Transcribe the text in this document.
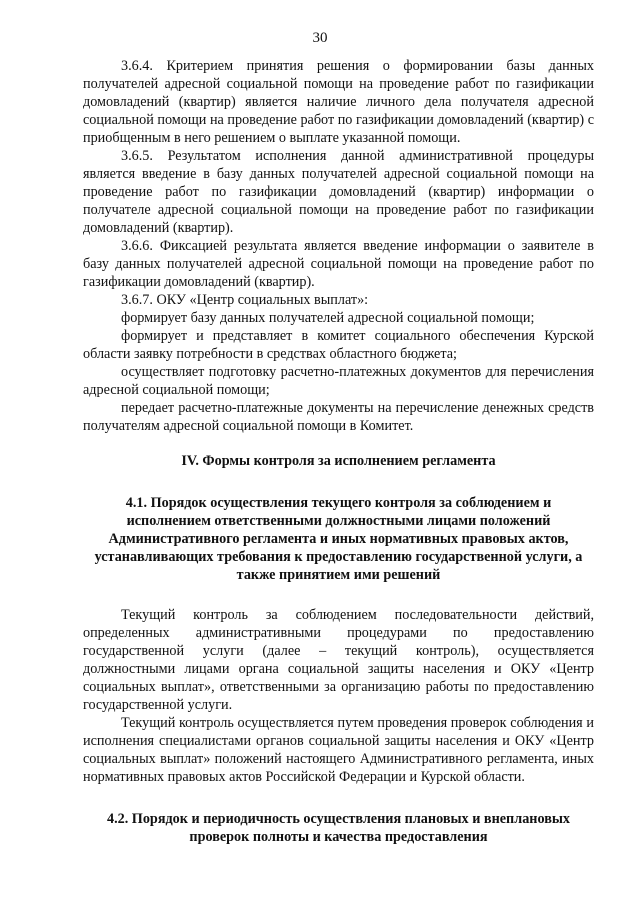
30

3.6.4. Критерием принятия решения о формировании базы данных получателей адресной социальной помощи на проведение работ по газификации домовладений (квартир) является наличие личного дела получателя адресной социальной помощи на проведение работ по газификации домовладений (квартир) с приобщенным в него решением о выплате указанной помощи.

3.6.5. Результатом исполнения данной административной процедуры является введение в базу данных получателей адресной социальной помощи на проведение работ по газификации домовладений (квартир) информации о получателе адресной социальной помощи на проведение работ по газификации домовладений (квартир).

3.6.6. Фиксацией результата является введение информации о заявителе в базу данных получателей адресной социальной помощи на проведение работ по газификации домовладений (квартир).

3.6.7. ОКУ «Центр социальных выплат»:

формирует базу данных получателей адресной социальной помощи;

формирует и представляет в комитет социального обеспечения Курской области заявку потребности в средствах областного бюджета;

осуществляет подготовку расчетно-платежных документов для перечисления адресной социальной помощи;

передает расчетно-платежные документы на перечисление денежных средств получателям адресной социальной помощи в Комитет.

IV. Формы контроля за исполнением регламента
4.1. Порядок осуществления текущего контроля за соблюдением и исполнением ответственными должностными лицами положений Административного регламента и иных нормативных правовых актов, устанавливающих требования к предоставлению государственной услуги, а также принятием ими решений

Текущий контроль за соблюдением последовательности действий, определенных административными процедурами по предоставлению государственной услуги (далее – текущий контроль), осуществляется должностными лицами органа социальной защиты населения и ОКУ «Центр социальных выплат», ответственными за организацию работы по предоставлению государственной услуги.

Текущий контроль осуществляется путем проведения проверок соблюдения и исполнения специалистами органов социальной защиты населения и ОКУ «Центр социальных выплат» положений настоящего Административного регламента, иных нормативных правовых актов Российской Федерации и Курской области.

4.2. Порядок и периодичность осуществления плановых и внеплановых проверок полноты и качества предоставления
